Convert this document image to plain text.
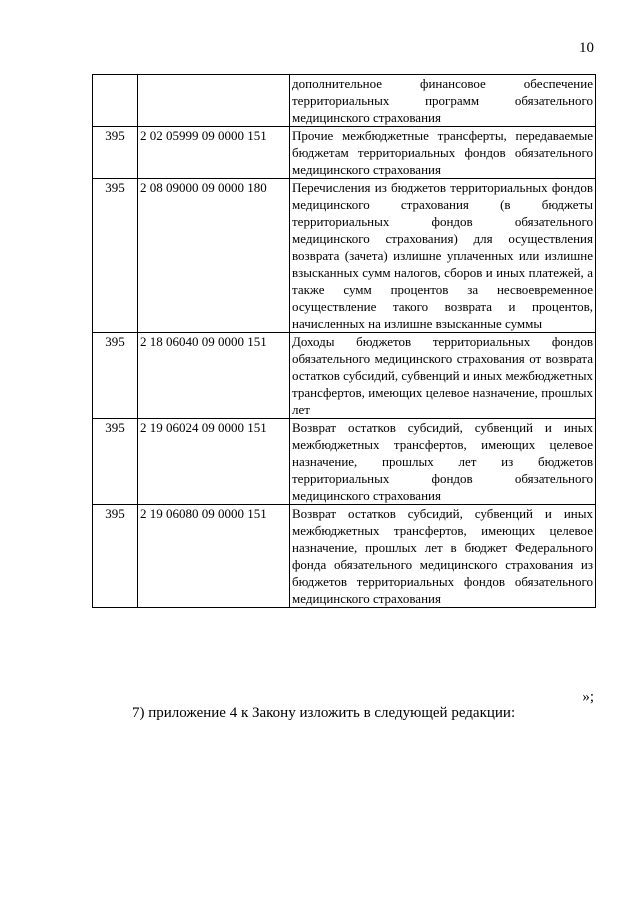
10
		дополнительное финансовое обеспечение территориальных программ обязательного медицинского страхования
395	2 02 05999 09 0000 151	Прочие межбюджетные трансферты, передаваемые бюджетам территориальных фондов обязательного медицинского страхования
395	2 08 09000 09 0000 180	Перечисления из бюджетов территориальных фондов медицинского страхования (в бюджеты территориальных фондов обязательного медицинского страхования) для осуществления возврата (зачета) излишне уплаченных или излишне взысканных сумм налогов, сборов и иных платежей, а также сумм процентов за несвоевременное осуществление такого возврата и процентов, начисленных на излишне взысканные суммы
395	2 18 06040 09 0000 151	Доходы бюджетов территориальных фондов обязательного медицинского страхования от возврата остатков субсидий, субвенций и иных межбюджетных трансфертов, имеющих целевое назначение, прошлых лет
395	2 19 06024 09 0000 151	Возврат остатков субсидий, субвенций и иных межбюджетных трансфертов, имеющих целевое назначение, прошлых лет из бюджетов территориальных фондов обязательного медицинского страхования
395	2 19 06080 09 0000 151	Возврат остатков субсидий, субвенций и иных межбюджетных трансфертов, имеющих целевое назначение, прошлых лет в бюджет Федерального фонда обязательного медицинского страхования из бюджетов территориальных фондов обязательного медицинского страхования
»;
7) приложение 4 к Закону изложить в следующей редакции:
